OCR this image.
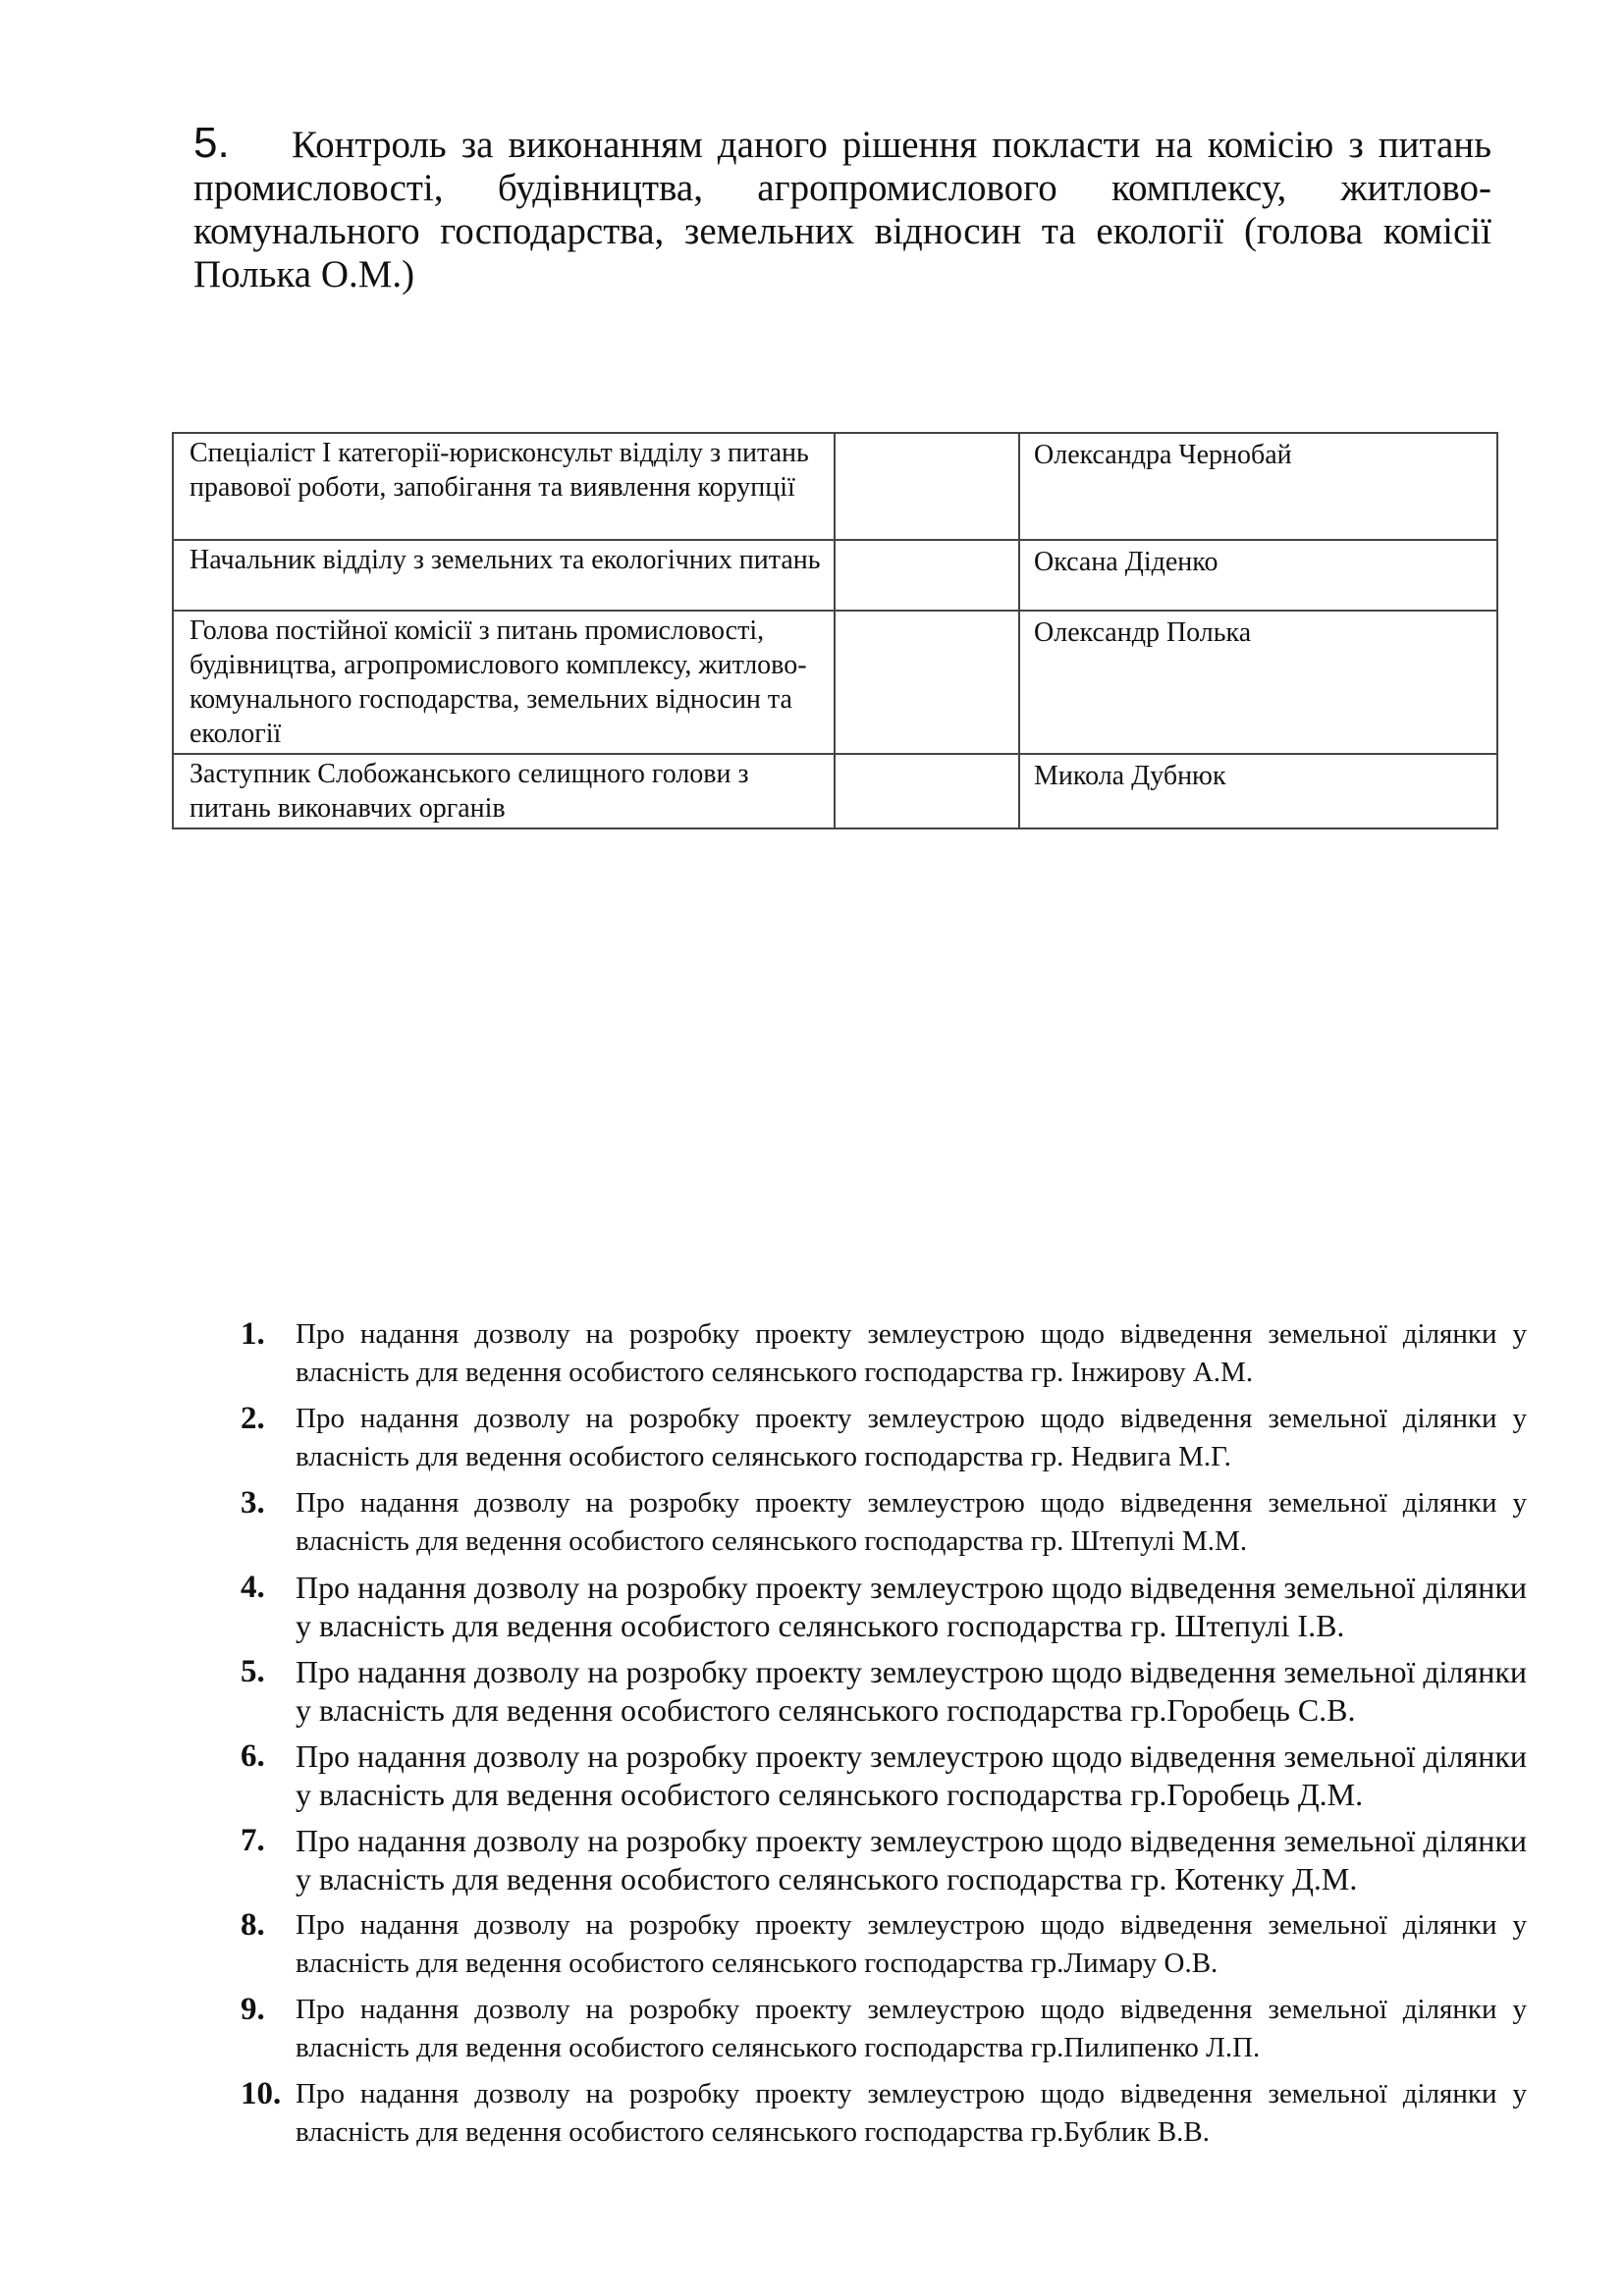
5. Контроль за виконанням даного рішення покласти на комісію з питань промисловості, будівництва, агропромислового комплексу, житлово-комунального господарства, земельних відносин та екології (голова комісії Полька О.М.)
Спеціаліст І категорії-юрисконсульт відділу з питань правової роботи, запобігання та виявлення корупції		Олександра Чернобай
Начальник відділу з земельних та екологічних питань		Оксана Діденко
Голова постійної комісії з питань промисловості, будівництва, агропромислового комплексу, житлово-комунального господарства, земельних відносин та екології		Олександр Полька
Заступник Слобожанського селищного голови з питань виконавчих органів		Микола Дубнюк
1. Про надання дозволу на розробку проекту землеустрою щодо відведення земельної ділянки у власність для ведення особистого селянського господарства гр. Інжирову А.М.
2. Про надання дозволу на розробку проекту землеустрою щодо відведення земельної ділянки у власність для ведення особистого селянського господарства гр. Недвига М.Г.
3. Про надання дозволу на розробку проекту землеустрою щодо відведення земельної ділянки у власність для ведення особистого селянського господарства гр. Штепулі М.М.
4. Про надання дозволу на розробку проекту землеустрою щодо відведення земельної ділянки у власність для ведення особистого селянського господарства гр. Штепулі І.В.
5. Про надання дозволу на розробку проекту землеустрою щодо відведення земельної ділянки у власність для ведення особистого селянського господарства гр.Горобець С.В.
6. Про надання дозволу на розробку проекту землеустрою щодо відведення земельної ділянки у власність для ведення особистого селянського господарства гр.Горобець Д.М.
7. Про надання дозволу на розробку проекту землеустрою щодо відведення земельної ділянки у власність для ведення особистого селянського господарства гр. Котенку Д.М.
8. Про надання дозволу на розробку проекту землеустрою щодо відведення земельної ділянки у власність для ведення особистого селянського господарства гр.Лимару О.В.
9. Про надання дозволу на розробку проекту землеустрою щодо відведення земельної ділянки у власність для ведення особистого селянського господарства гр.Пилипенко Л.П.
10. Про надання дозволу на розробку проекту землеустрою щодо відведення земельної ділянки у власність для ведення особистого селянського господарства гр.Бублик В.В.
